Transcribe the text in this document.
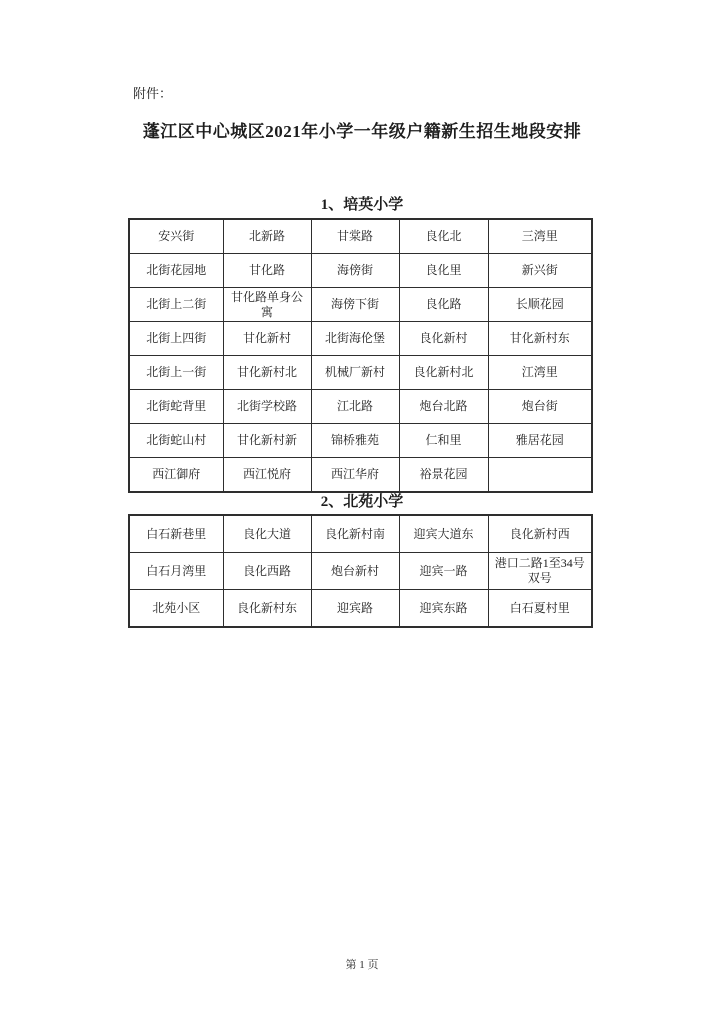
附件：
蓬江区中心城区2021年小学一年级户籍新生招生地段安排
1、培英小学
安兴街	北新路	甘棠路	良化北	三湾里
北街花园地	甘化路	海傍街	良化里	新兴街
北街上二街	甘化路单身公寓	海傍下街	良化路	长顺花园
北街上四街	甘化新村	北街海伦堡	良化新村	甘化新村东
北街上一街	甘化新村北	机械厂新村	良化新村北	江湾里
北街蛇背里	北街学校路	江北路	炮台北路	炮台街
北街蛇山村	甘化新村新	锦桥雅苑	仁和里	雅居花园
西江御府	西江悦府	西江华府	裕景花园	
2、北苑小学
白石新巷里	良化大道	良化新村南	迎宾大道东	良化新村西
白石月湾里	良化西路	炮台新村	迎宾一路	港口二路1至34号双号
北苑小区	良化新村东	迎宾路	迎宾东路	白石夏村里
第 1 页
